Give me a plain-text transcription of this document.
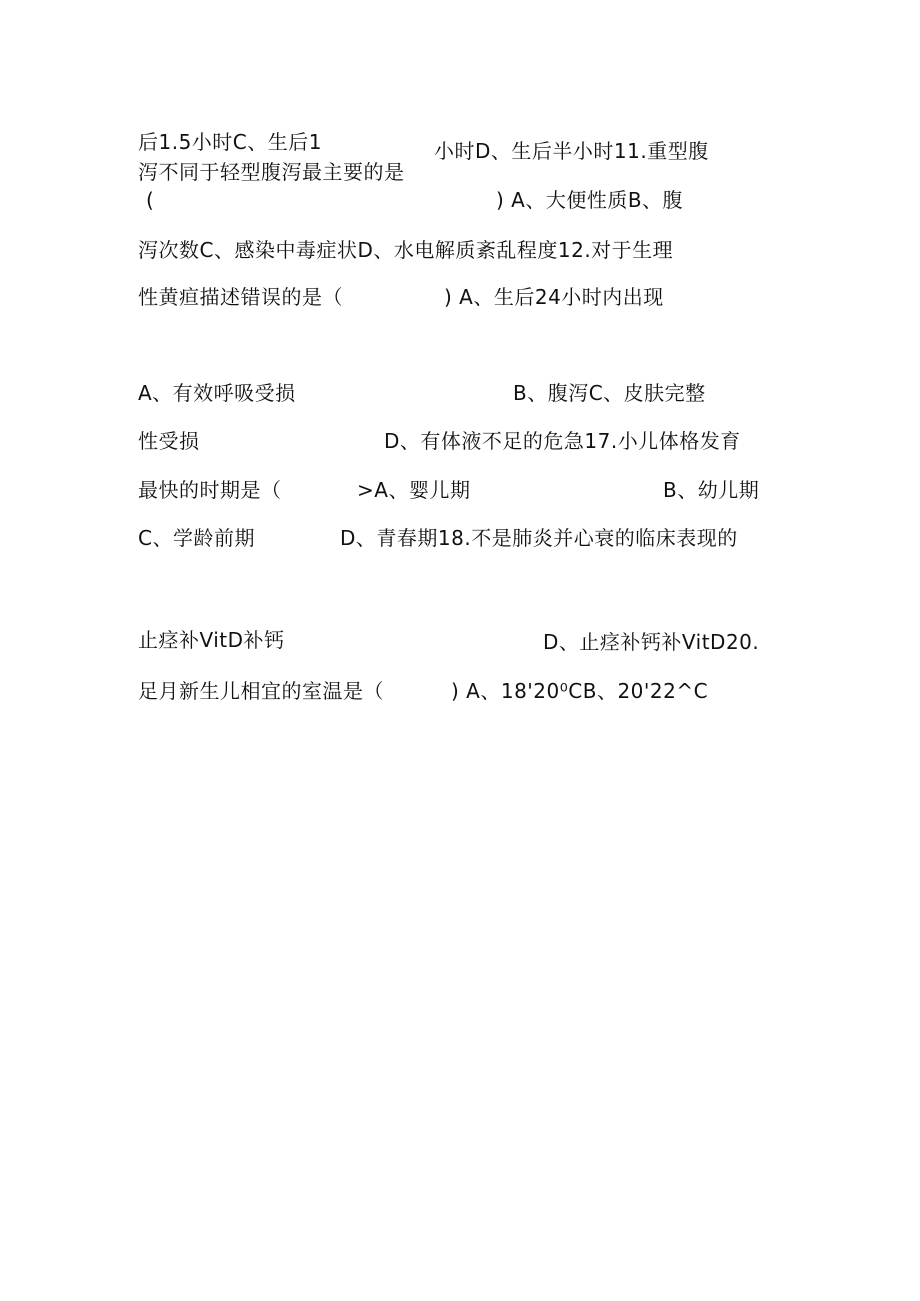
后1.5小时C、生后1	小时D、生后半小时11.重型腹
泻不同于轻型腹泻最主要的是
(	) A、大便性质B、腹
泻次数C、感染中毒症状D、水电解质紊乱程度12.对于生理
性黄疸描述错误的是（	) A、生后24小时内出现
A、有效呼吸受损	B、腹泻C、皮肤完整
性受损	D、有体液不足的危急17.小儿体格发育
最快的时期是（	>A、婴儿期	B、幼儿期
C、学龄前期	D、青春期18.不是肺炎并心衰的临床表现的
止痉补VitD补钙	D、止痉补钙补VitD20.
足月新生儿相宜的室温是（	) A、18'20⁰CB、20'22^C
